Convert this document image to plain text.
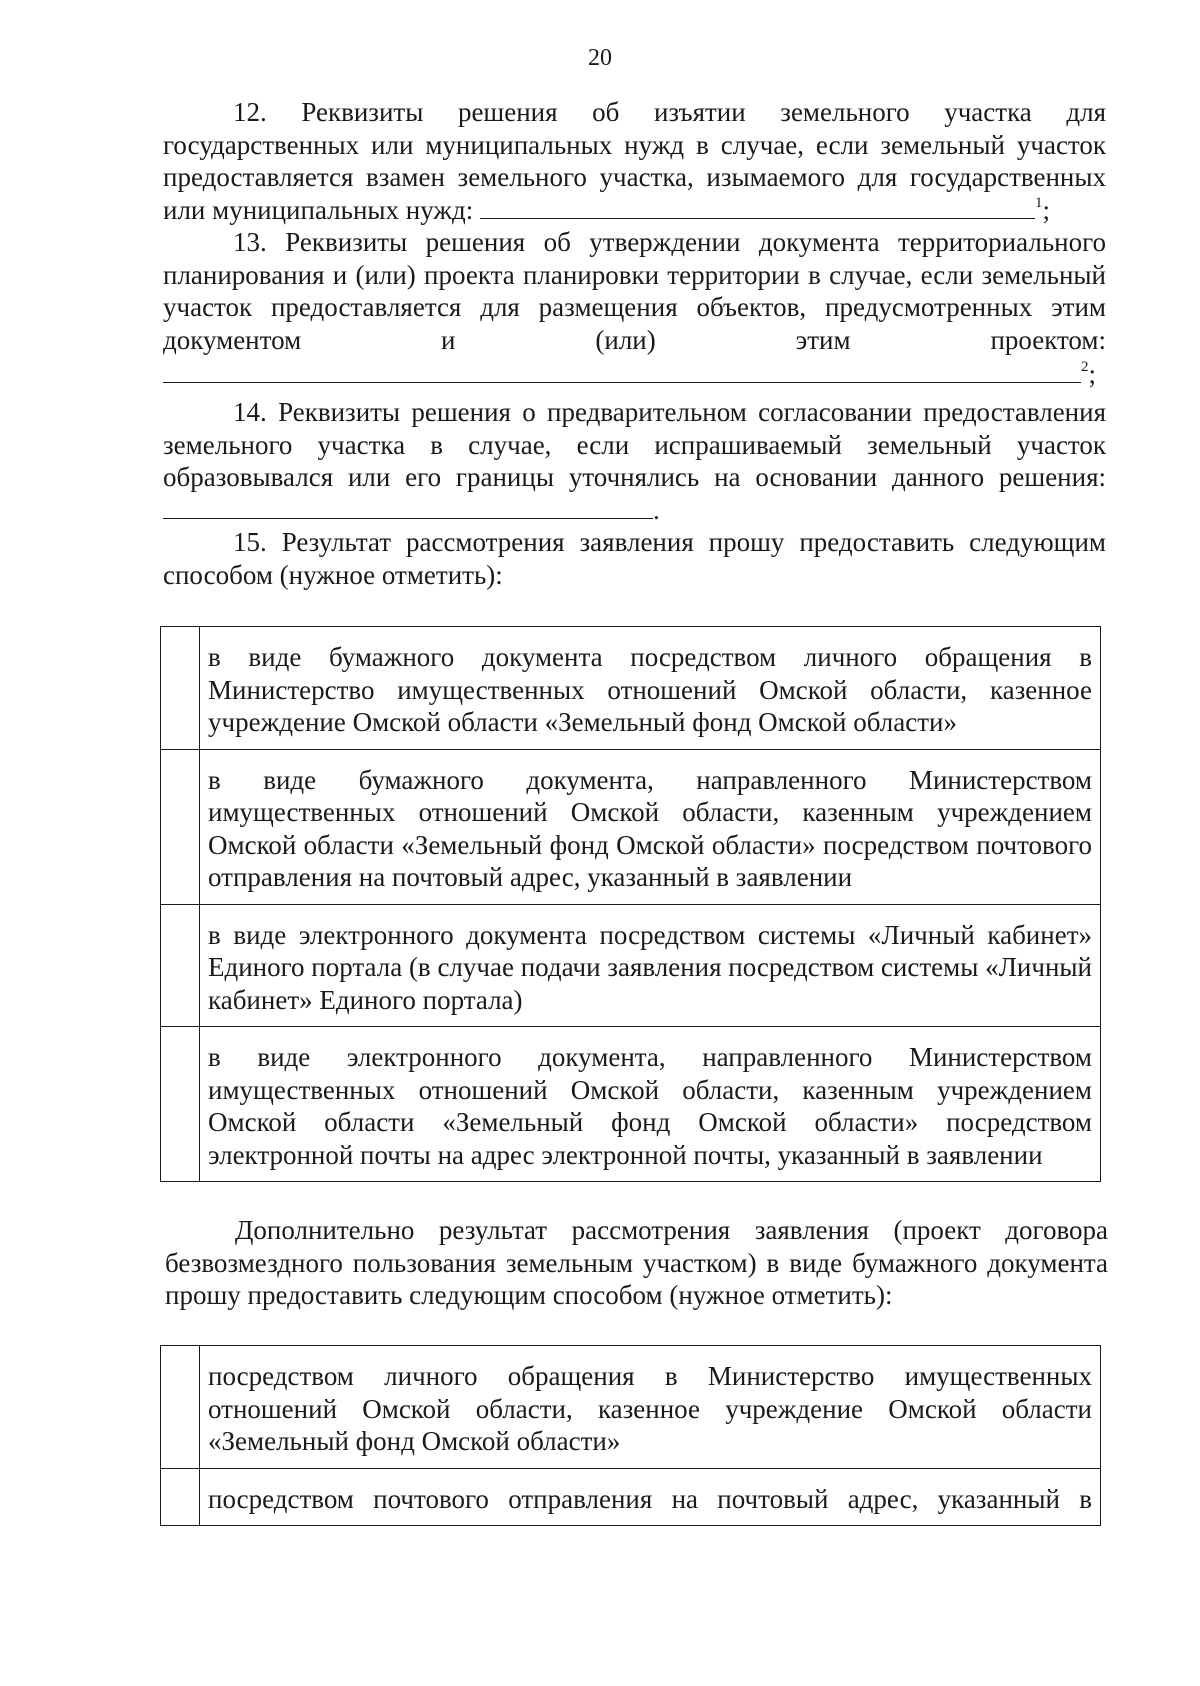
20
12. Реквизиты решения об изъятии земельного участка для государственных или муниципальных нужд в случае, если земельный участок предоставляется взамен земельного участка, изымаемого для государственных или муниципальных нужд:	$^1$;
13. Реквизиты решения об утверждении документа территориального планирования и (или) проекта планировки территории в случае, если земельный участок предоставляется для размещения объектов, предусмотренных этим документом и (или) этим проектом:
$^2$;
14. Реквизиты решения о предварительном согласовании предоставления земельного участка в случае, если испрашиваемый земельный участок образовывался или его границы уточнялись на основании данного решения: .
15. Результат рассмотрения заявления прошу предоставить следующим способом (нужное отметить):
	в виде бумажного документа посредством личного обращения в Министерство имущественных отношений Омской области, казенное учреждение Омской области «Земельный фонд Омской области»
	в виде бумажного документа, направленного Министерством имущественных отношений Омской области, казенным учреждением Омской области «Земельный фонд Омской области» посредством почтового отправления на почтовый адрес, указанный в заявлении
	в виде электронного документа посредством системы «Личный кабинет» Единого портала (в случае подачи заявления посредством системы «Личный кабинет» Единого портала)
	в виде электронного документа, направленного Министерством имущественных отношений Омской области, казенным учреждением Омской области «Земельный фонд Омской области» посредством электронной почты на адрес электронной почты, указанный в заявлении
Дополнительно результат рассмотрения заявления (проект договора безвозмездного пользования земельным участком) в виде бумажного документа прошу предоставить следующим способом (нужное отметить):
	посредством личного обращения в Министерство имущественных отношений Омской области, казенное учреждение Омской области «Земельный фонд Омской области»
	посредством почтового отправления на почтовый адрес, указанный в
